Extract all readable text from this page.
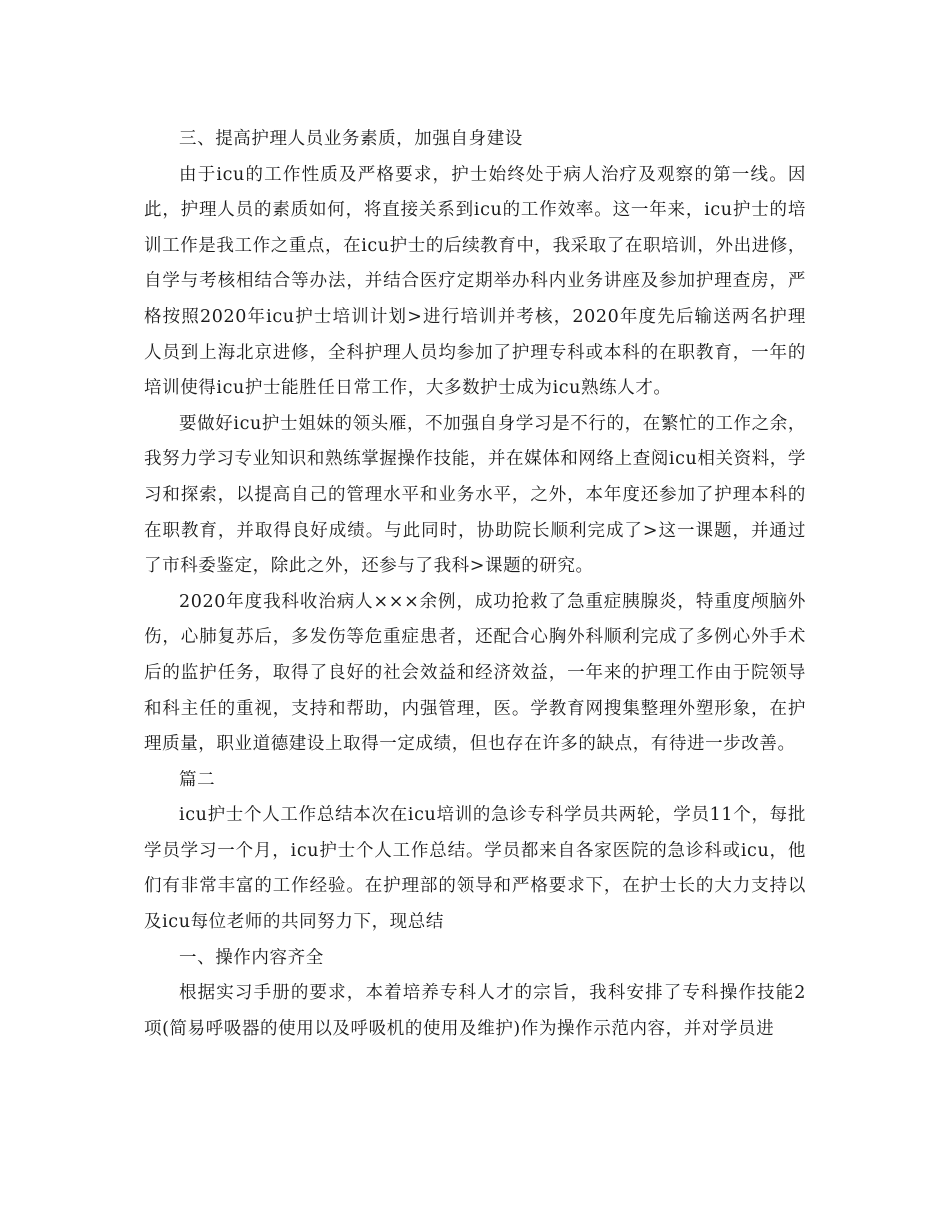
三、提高护理人员业务素质，加强自身建设

由于icu的工作性质及严格要求，护士始终处于病人治疗及观察的第一线。因此，护理人员的素质如何，将直接关系到icu的工作效率。这一年来，icu护士的培训工作是我工作之重点，在icu护士的后续教育中，我采取了在职培训，外出进修，自学与考核相结合等办法，并结合医疗定期举办科内业务讲座及参加护理查房，严格按照2020年icu护士培训计划>进行培训并考核，2020年度先后输送两名护理人员到上海北京进修，全科护理人员均参加了护理专科或本科的在职教育，一年的培训使得icu护士能胜任日常工作，大多数护士成为icu熟练人才。

要做好icu护士姐妹的领头雁，不加强自身学习是不行的，在繁忙的工作之余，我努力学习专业知识和熟练掌握操作技能，并在媒体和网络上查阅icu相关资料，学习和探索，以提高自己的管理水平和业务水平，之外，本年度还参加了护理本科的在职教育，并取得良好成绩。与此同时，协助院长顺利完成了>这一课题，并通过了市科委鉴定，除此之外，还参与了我科>课题的研究。

2020年度我科收治病人×××余例，成功抢救了急重症胰腺炎，特重度颅脑外伤，心肺复苏后，多发伤等危重症患者，还配合心胸外科顺利完成了多例心外手术后的监护任务，取得了良好的社会效益和经济效益，一年来的护理工作由于院领导和科主任的重视，支持和帮助，内强管理，医。学教育网搜集整理外塑形象，在护理质量，职业道德建设上取得一定成绩，但也存在许多的缺点，有待进一步改善。

篇二

icu护士个人工作总结本次在icu培训的急诊专科学员共两轮，学员11个，每批学员学习一个月，icu护士个人工作总结。学员都来自各家医院的急诊科或icu，他们有非常丰富的工作经验。在护理部的领导和严格要求下，在护士长的大力支持以及icu每位老师的共同努力下，现总结

一、操作内容齐全

根据实习手册的要求，本着培养专科人才的宗旨，我科安排了专科操作技能2项(简易呼吸器的使用以及呼吸机的使用及维护)作为操作示范内容，并对学员进
